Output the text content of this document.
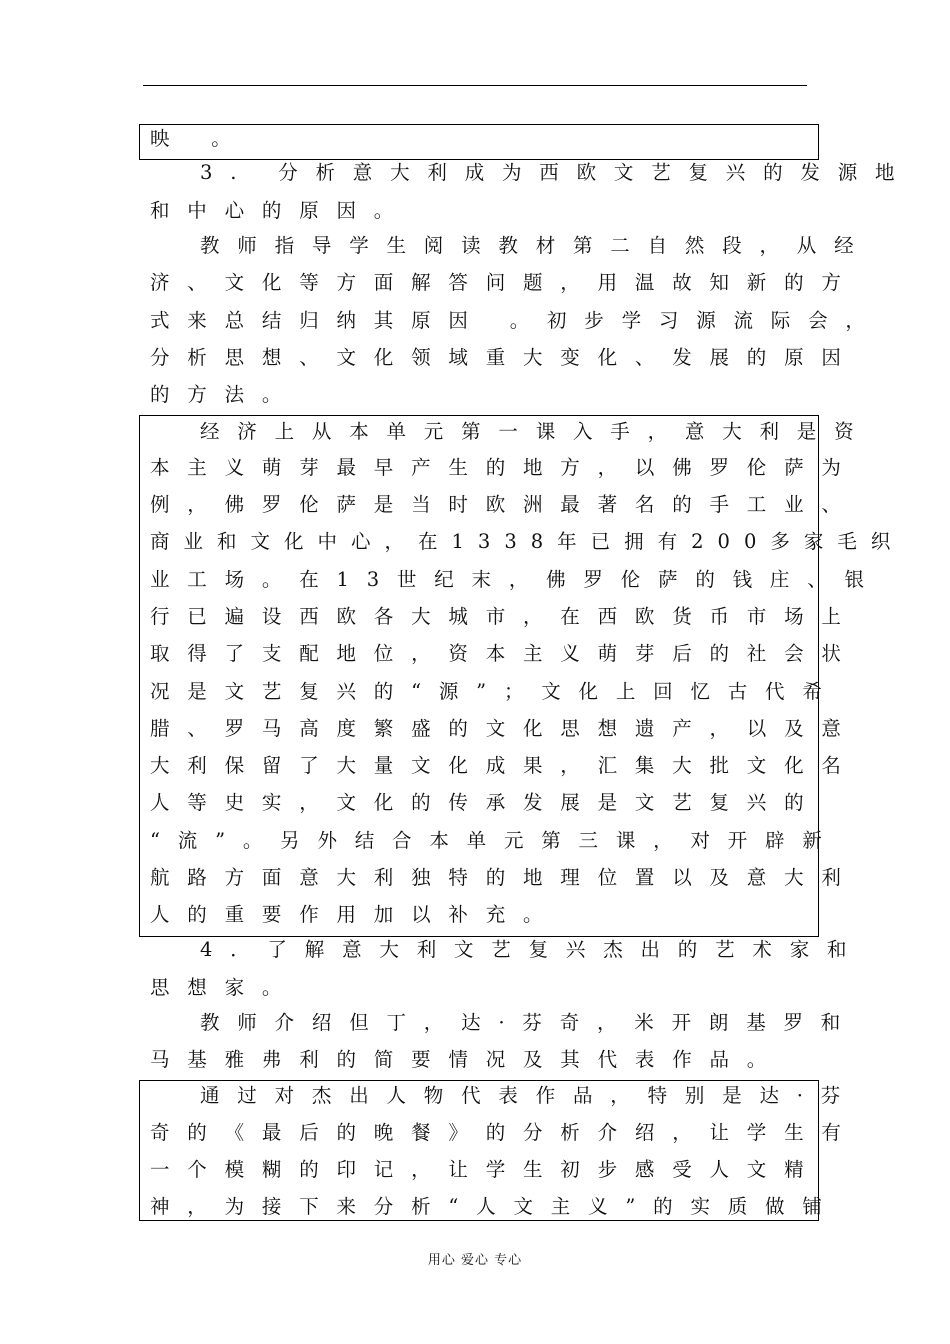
映 。
3. 分析意大利成为西欧文艺复兴的发源地
和中心的原因。
教师指导学生阅读教材第二自然段，从经
济、文化等方面解答问题，用温故知新的方
式来总结归纳其原因 。初步学习源流际会，
分析思想、文化领域重大变化、发展的原因
的方法。
经济上从本单元第一课入手，意大利是资
本主义萌芽最早产生的地方，以佛罗伦萨为
例，佛罗伦萨是当时欧洲最著名的手工业、
商业和文化中心，在1338年已拥有200多家毛织
业工场。在13世纪末，佛罗伦萨的钱庄、银
行已遍设西欧各大城市，在西欧货币市场上
取得了支配地位，资本主义萌芽后的社会状
况是文艺复兴的“源”；文化上回忆古代希
腊、罗马高度繁盛的文化思想遗产，以及意
大利保留了大量文化成果，汇集大批文化名
人等史实，文化的传承发展是文艺复兴的
“流”。另外结合本单元第三课，对开辟新
航路方面意大利独特的地理位置以及意大利
人的重要作用加以补充。
4．了解意大利文艺复兴杰出的艺术家和
思想家。
教师介绍但丁，达·芬奇，米开朗基罗和
马基雅弗利的简要情况及其代表作品。
通过对杰出人物代表作品，特别是达·芬
奇的《最后的晚餐》的分析介绍，让学生有
一个模糊的印记，让学生初步感受人文精
神，为接下来分析“人文主义”的实质做铺
用心 爱心 专心
